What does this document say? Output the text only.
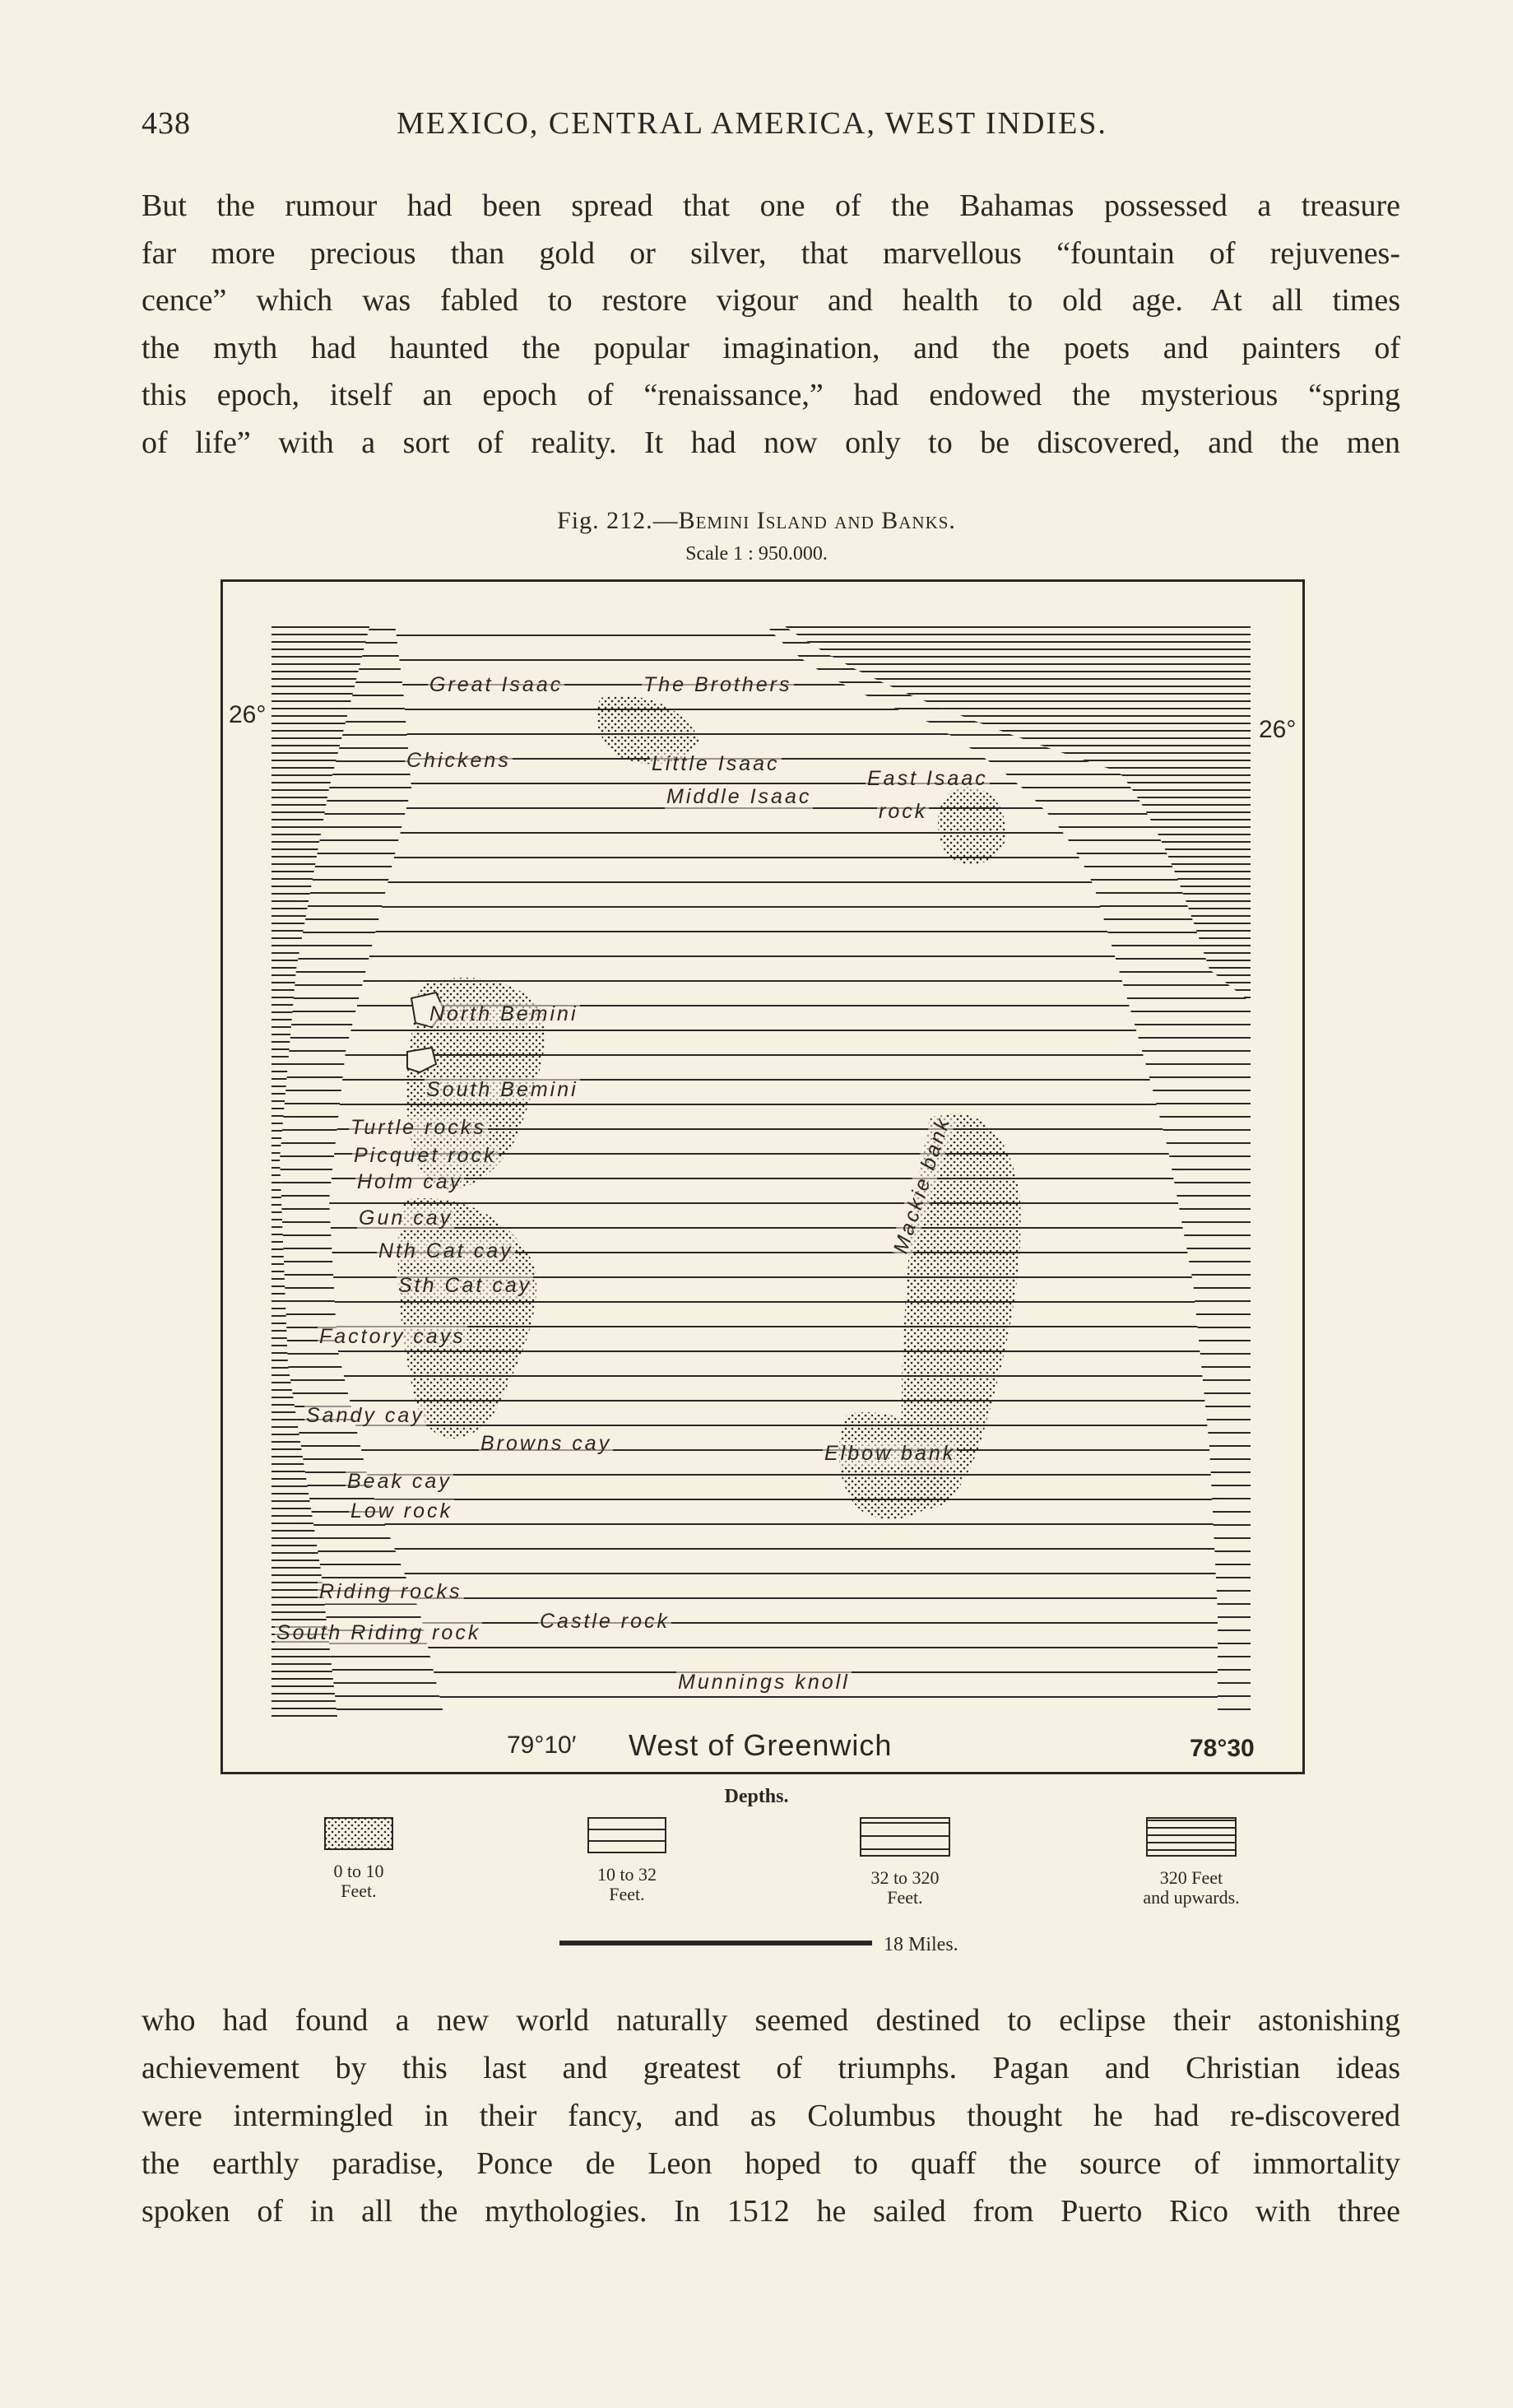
438	MEXICO, CENTRAL AMERICA, WEST INDIES.
But the rumour had been spread that one of the Bahamas possessed a treasure
far more precious than gold or silver, that marvellous “fountain of rejuvenes-
cence” which was fabled to restore vigour and health to old age. At all times
the myth had haunted the popular imagination, and the poets and painters of
this epoch, itself an epoch of “renaissance,” had endowed the mysterious “spring
of life” with a sort of reality. It had now only to be discovered, and the men
Fig. 212.—Bemini Island and Banks.
Scale 1 : 950.000.
26°
26°
79°10′ West of Greenwich	78°30
Great Isaac	The Brothers
Chickens	Little Isaac
East Isaac
Middle Isaac
rock
North Bemini
South Bemini
Turtle rocks
Picquet rock
Holm cay
Gun cay
Nth Cat cay
Sth Cat cay
Factory cays
Sandy cay
Browns cay
Beak cay
Low rock
Riding rocks
South Riding rock	Castle rock
Munnings knoll
Elbow bank
Mackie bank
Depths.
0 to 10
Feet.
10 to 32
Feet.
32 to 320
Feet.
320 Feet
and upwards.
18 Miles.
who had found a new world naturally seemed destined to eclipse their astonishing
achievement by this last and greatest of triumphs. Pagan and Christian ideas
were intermingled in their fancy, and as Columbus thought he had re-discovered
the earthly paradise, Ponce de Leon hoped to quaff the source of immortality
spoken of in all the mythologies. In 1512 he sailed from Puerto Rico with three
